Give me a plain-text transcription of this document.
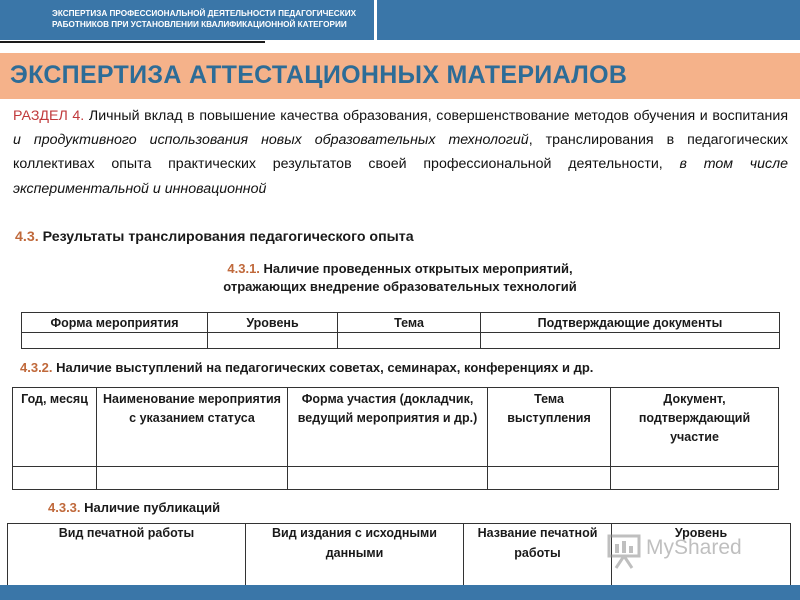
ЭКСПЕРТИЗА ПРОФЕССИОНАЛЬНОЙ ДЕЯТЕЛЬНОСТИ ПЕДАГОГИЧЕСКИХ
РАБОТНИКОВ ПРИ УСТАНОВЛЕНИИ КВАЛИФИКАЦИОННОЙ КАТЕГОРИИ
ЭКСПЕРТИЗА АТТЕСТАЦИОННЫХ МАТЕРИАЛОВ
РАЗДЕЛ 4. Личный вклад в повышение качества образования, совершенствование методов обучения и воспитания и продуктивного использования новых образовательных технологий, транслирования в педагогических коллективах опыта практических результатов своей профессиональной деятельности, в том числе экспериментальной и инновационной
4.3. Результаты транслирования педагогического опыта
4.3.1. Наличие проведенных открытых мероприятий,
отражающих внедрение образовательных технологий
Форма мероприятия	Уровень	Тема	Подтверждающие документы

4.3.2. Наличие выступлений на педагогических советах, семинарах, конференциях и др.
Год, месяц	Наименование мероприятия с указанием статуса	Форма участия (докладчик, ведущий мероприятия и др.)	Тема выступления	Документ, подтверждающий участие

4.3.3. Наличие публикаций
Вид печатной работы	Вид издания с исходными данными	Название печатной работы	Уровень
MyShared
